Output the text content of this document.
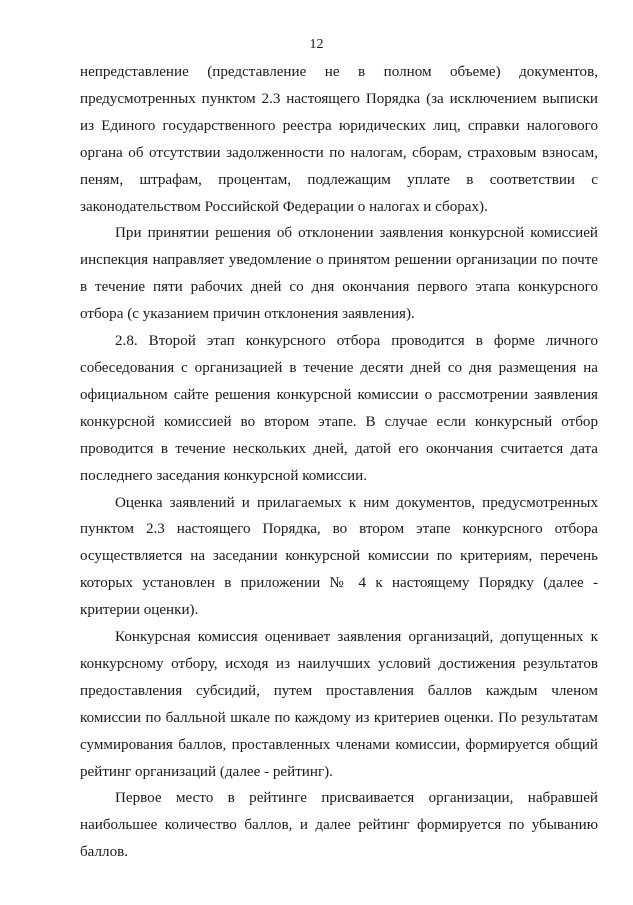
12

непредставление (представление не в полном объеме) документов, предусмотренных пунктом 2.3 настоящего Порядка (за исключением выписки из Единого государственного реестра юридических лиц, справки налогового органа об отсутствии задолженности по налогам, сборам, страховым взносам, пеням, штрафам, процентам, подлежащим уплате в соответствии с законодательством Российской Федерации о налогах и сборах).

При принятии решения об отклонении заявления конкурсной комиссией инспекция направляет уведомление о принятом решении организации по почте в течение пяти рабочих дней со дня окончания первого этапа конкурсного отбора (с указанием причин отклонения заявления).

2.8. Второй этап конкурсного отбора проводится в форме личного собеседования с организацией в течение десяти дней со дня размещения на официальном сайте решения конкурсной комиссии о рассмотрении заявления конкурсной комиссией во втором этапе. В случае если конкурсный отбор проводится в течение нескольких дней, датой его окончания считается дата последнего заседания конкурсной комиссии.

Оценка заявлений и прилагаемых к ним документов, предусмотренных пунктом 2.3 настоящего Порядка, во втором этапе конкурсного отбора осуществляется на заседании конкурсной комиссии по критериям, перечень которых установлен в приложении № 4 к настоящему Порядку (далее - критерии оценки).

Конкурсная комиссия оценивает заявления организаций, допущенных к конкурсному отбору, исходя из наилучших условий достижения результатов предоставления субсидий, путем проставления баллов каждым членом комиссии по балльной шкале по каждому из критериев оценки. По результатам суммирования баллов, проставленных членами комиссии, формируется общий рейтинг организаций (далее - рейтинг).

Первое место в рейтинге присваивается организации, набравшей наибольшее количество баллов, и далее рейтинг формируется по убыванию баллов.
